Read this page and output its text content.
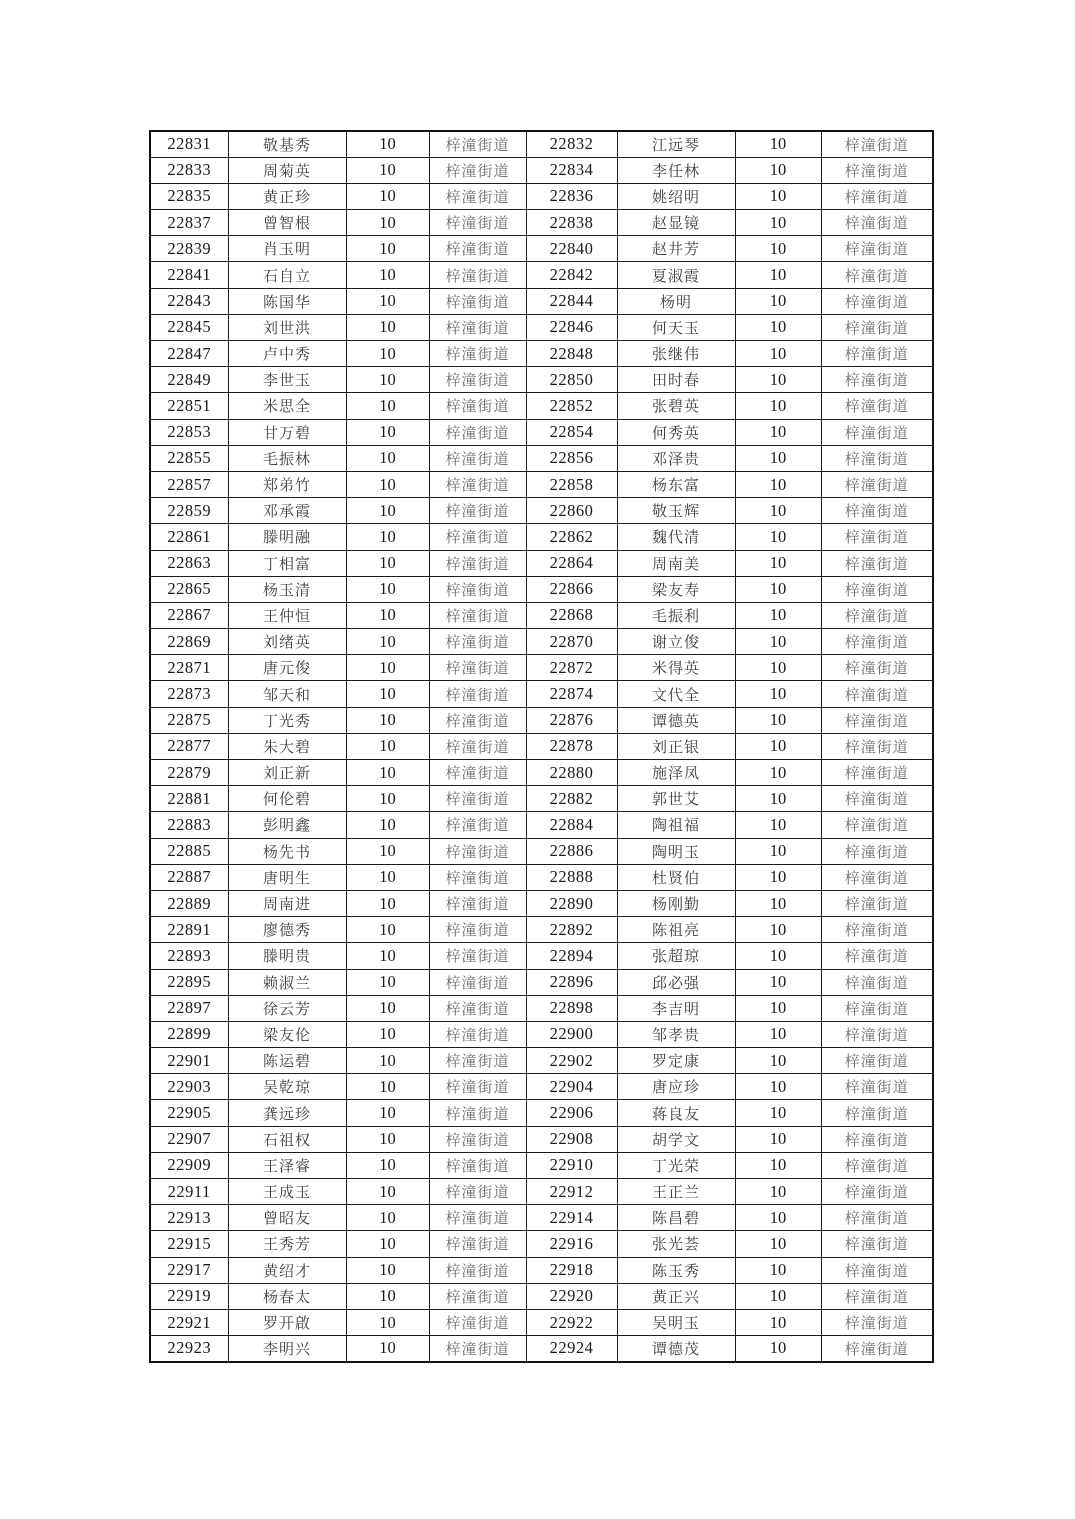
22831	敬基秀	10	梓潼街道	22832	江远琴	10	梓潼街道
22833	周菊英	10	梓潼街道	22834	李任林	10	梓潼街道
22835	黄正珍	10	梓潼街道	22836	姚绍明	10	梓潼街道
22837	曾智根	10	梓潼街道	22838	赵显镜	10	梓潼街道
22839	肖玉明	10	梓潼街道	22840	赵井芳	10	梓潼街道
22841	石自立	10	梓潼街道	22842	夏淑霞	10	梓潼街道
22843	陈国华	10	梓潼街道	22844	杨明	10	梓潼街道
22845	刘世洪	10	梓潼街道	22846	何天玉	10	梓潼街道
22847	卢中秀	10	梓潼街道	22848	张继伟	10	梓潼街道
22849	李世玉	10	梓潼街道	22850	田时春	10	梓潼街道
22851	米思全	10	梓潼街道	22852	张碧英	10	梓潼街道
22853	甘万碧	10	梓潼街道	22854	何秀英	10	梓潼街道
22855	毛振林	10	梓潼街道	22856	邓泽贵	10	梓潼街道
22857	郑弟竹	10	梓潼街道	22858	杨东富	10	梓潼街道
22859	邓承霞	10	梓潼街道	22860	敬玉辉	10	梓潼街道
22861	滕明融	10	梓潼街道	22862	魏代清	10	梓潼街道
22863	丁相富	10	梓潼街道	22864	周南美	10	梓潼街道
22865	杨玉清	10	梓潼街道	22866	梁友寿	10	梓潼街道
22867	王仲恒	10	梓潼街道	22868	毛振利	10	梓潼街道
22869	刘绪英	10	梓潼街道	22870	谢立俊	10	梓潼街道
22871	唐元俊	10	梓潼街道	22872	米得英	10	梓潼街道
22873	邹天和	10	梓潼街道	22874	文代全	10	梓潼街道
22875	丁光秀	10	梓潼街道	22876	谭德英	10	梓潼街道
22877	朱大碧	10	梓潼街道	22878	刘正银	10	梓潼街道
22879	刘正新	10	梓潼街道	22880	施泽凤	10	梓潼街道
22881	何伦碧	10	梓潼街道	22882	郭世艾	10	梓潼街道
22883	彭明鑫	10	梓潼街道	22884	陶祖福	10	梓潼街道
22885	杨先书	10	梓潼街道	22886	陶明玉	10	梓潼街道
22887	唐明生	10	梓潼街道	22888	杜贤伯	10	梓潼街道
22889	周南进	10	梓潼街道	22890	杨刚勤	10	梓潼街道
22891	廖德秀	10	梓潼街道	22892	陈祖亮	10	梓潼街道
22893	滕明贵	10	梓潼街道	22894	张超琼	10	梓潼街道
22895	赖淑兰	10	梓潼街道	22896	邱必强	10	梓潼街道
22897	徐云芳	10	梓潼街道	22898	李吉明	10	梓潼街道
22899	梁友伦	10	梓潼街道	22900	邹孝贵	10	梓潼街道
22901	陈运碧	10	梓潼街道	22902	罗定康	10	梓潼街道
22903	吴乾琼	10	梓潼街道	22904	唐应珍	10	梓潼街道
22905	龚远珍	10	梓潼街道	22906	蒋良友	10	梓潼街道
22907	石祖权	10	梓潼街道	22908	胡学文	10	梓潼街道
22909	王泽睿	10	梓潼街道	22910	丁光荣	10	梓潼街道
22911	王成玉	10	梓潼街道	22912	王正兰	10	梓潼街道
22913	曾昭友	10	梓潼街道	22914	陈昌碧	10	梓潼街道
22915	王秀芳	10	梓潼街道	22916	张光荟	10	梓潼街道
22917	黄绍才	10	梓潼街道	22918	陈玉秀	10	梓潼街道
22919	杨春太	10	梓潼街道	22920	黄正兴	10	梓潼街道
22921	罗开啟	10	梓潼街道	22922	吴明玉	10	梓潼街道
22923	李明兴	10	梓潼街道	22924	谭德茂	10	梓潼街道
